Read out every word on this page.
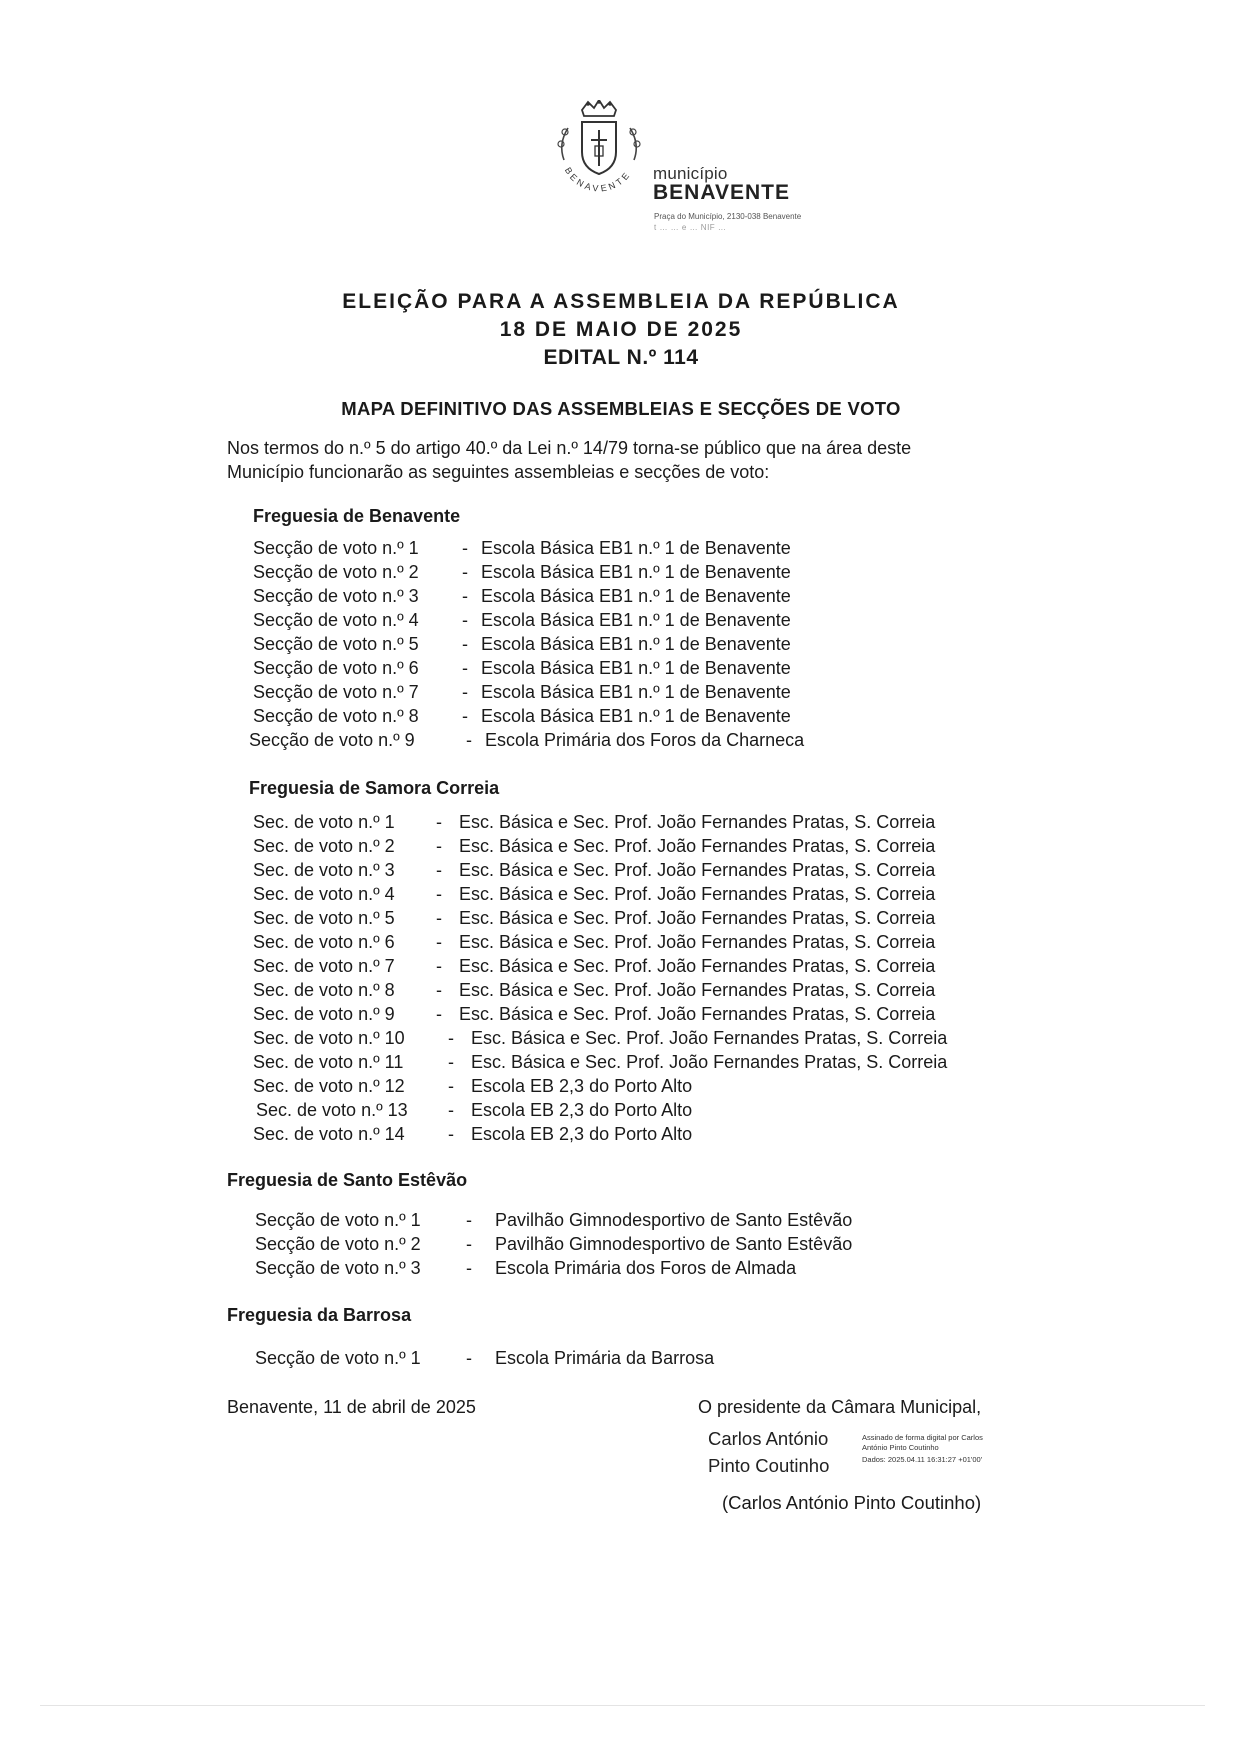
BENAVENTE município
BENAVENTE
Praça do Município, 2130-038 Benavente
t … … e … NIF …
ELEIÇÃO PARA A ASSEMBLEIA DA REPÚBLICA
18 DE MAIO DE 2025
EDITAL N.º 114
MAPA DEFINITIVO DAS ASSEMBLEIAS E SECÇÕES DE VOTO
Nos termos do n.º 5 do artigo 40.º da Lei n.º 14/79 torna-se público que na área deste
Município funcionarão as seguintes assembleias e secções de voto:
Freguesia de Benavente
Secção de voto n.º 1 - Escola Básica EB1 n.º 1 de Benavente
Secção de voto n.º 2 - Escola Básica EB1 n.º 1 de Benavente
Secção de voto n.º 3 - Escola Básica EB1 n.º 1 de Benavente
Secção de voto n.º 4 - Escola Básica EB1 n.º 1 de Benavente
Secção de voto n.º 5 - Escola Básica EB1 n.º 1 de Benavente
Secção de voto n.º 6 - Escola Básica EB1 n.º 1 de Benavente
Secção de voto n.º 7 - Escola Básica EB1 n.º 1 de Benavente
Secção de voto n.º 8 - Escola Básica EB1 n.º 1 de Benavente
Secção de voto n.º 9	- Escola Primária dos Foros da Charneca
Freguesia de Samora Correia
Sec. de voto n.º 1 - Esc. Básica e Sec. Prof. João Fernandes Pratas, S. Correia
Sec. de voto n.º 2 - Esc. Básica e Sec. Prof. João Fernandes Pratas, S. Correia
Sec. de voto n.º 3 - Esc. Básica e Sec. Prof. João Fernandes Pratas, S. Correia
Sec. de voto n.º 4 - Esc. Básica e Sec. Prof. João Fernandes Pratas, S. Correia
Sec. de voto n.º 5 - Esc. Básica e Sec. Prof. João Fernandes Pratas, S. Correia
Sec. de voto n.º 6 - Esc. Básica e Sec. Prof. João Fernandes Pratas, S. Correia
Sec. de voto n.º 7 - Esc. Básica e Sec. Prof. João Fernandes Pratas, S. Correia
Sec. de voto n.º 8 - Esc. Básica e Sec. Prof. João Fernandes Pratas, S. Correia
Sec. de voto n.º 9 - Esc. Básica e Sec. Prof. João Fernandes Pratas, S. Correia
Sec. de voto n.º 10 - Esc. Básica e Sec. Prof. João Fernandes Pratas, S. Correia
Sec. de voto n.º 11 - Esc. Básica e Sec. Prof. João Fernandes Pratas, S. Correia
Sec. de voto n.º 12 - Escola EB 2,3 do Porto Alto
Sec. de voto n.º 13 - Escola EB 2,3 do Porto Alto
Sec. de voto n.º 14 - Escola EB 2,3 do Porto Alto
Freguesia de Santo Estêvão
Secção de voto n.º 1	- Pavilhão Gimnodesportivo de Santo Estêvão
Secção de voto n.º 2	- Pavilhão Gimnodesportivo de Santo Estêvão
Secção de voto n.º 3	- Escola Primária dos Foros de Almada
Freguesia da Barrosa
Secção de voto n.º 1	- Escola Primária da Barrosa
Benavente, 11 de abril de 2025	O presidente da Câmara Municipal,
Carlos António
Pinto Coutinho
Assinado de forma digital por Carlos
António Pinto Coutinho
Dados: 2025.04.11 16:31:27 +01'00'
(Carlos António Pinto Coutinho)
